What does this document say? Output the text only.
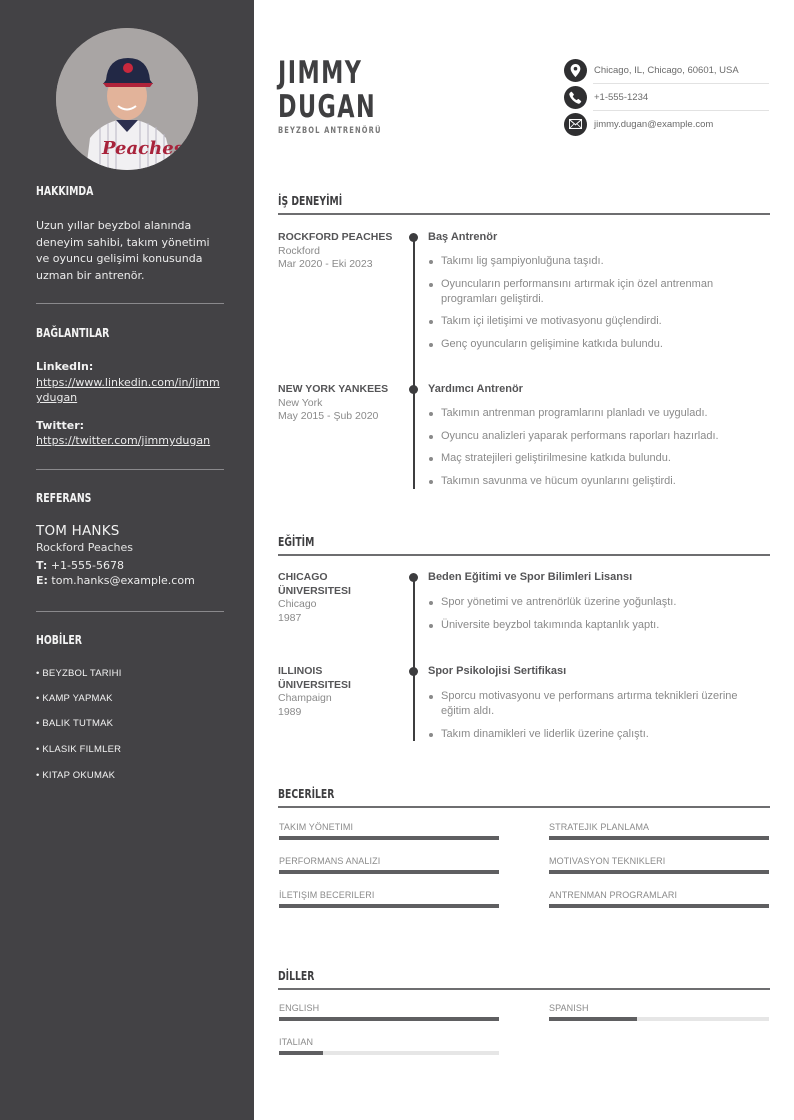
Peaches
HAKKIMDA
Uzun yıllar beyzbol alanında deneyim sahibi, takım yönetimi ve oyuncu gelişimi konusunda uzman bir antrenör.
BAĞLANTILAR
LinkedIn:
https://www.linkedin.com/in/jimmydugan
Twitter:
https://twitter.com/jimmydugan
REFERANS
TOM HANKS
Rockford Peaches
T: +1-555-5678
E: tom.hanks@example.com
HOBİLER
• BEYZBOL TARIHI
• KAMP YAPMAK
• BALIK TUTMAK
• KLASIK FILMLER
• KITAP OKUMAK
JIMMY
DUGAN
BEYZBOL ANTRENÖRÜ
Chicago, IL, Chicago, 60601, USA
+1-555-1234
jimmy.dugan@example.com
İŞ DENEYİMİ
ROCKFORD PEACHES
Rockford
Mar 2020 - Eki 2023
Baş Antrenör
Takımı lig şampiyonluğuna taşıdı.
Oyuncuların performansını artırmak için özel antrenman programları geliştirdi.
Takım içi iletişimi ve motivasyonu güçlendirdi.
Genç oyuncuların gelişimine katkıda bulundu.
NEW YORK YANKEES
New York
May 2015 - Şub 2020
Yardımcı Antrenör
Takımın antrenman programlarını planladı ve uyguladı.
Oyuncu analizleri yaparak performans raporları hazırladı.
Maç stratejileri geliştirilmesine katkıda bulundu.
Takımın savunma ve hücum oyunlarını geliştirdi.
EĞİTİM
CHICAGO ÜNIVERSITESI
Chicago
1987
Beden Eğitimi ve Spor Bilimleri Lisansı
Spor yönetimi ve antrenörlük üzerine yoğunlaştı.
Üniversite beyzbol takımında kaptanlık yaptı.
ILLINOIS ÜNIVERSITESI
Champaign
1989
Spor Psikolojisi Sertifikası
Sporcu motivasyonu ve performans artırma teknikleri üzerine eğitim aldı.
Takım dinamikleri ve liderlik üzerine çalıştı.
BECERİLER
TAKIM YÖNETIMI	STRATEJIK PLANLAMA
PERFORMANS ANALIZI	MOTIVASYON TEKNIKLERI
İLETIŞIM BECERILERI	ANTRENMAN PROGRAMLARI
DİLLER
ENGLISH	SPANISH
ITALIAN
